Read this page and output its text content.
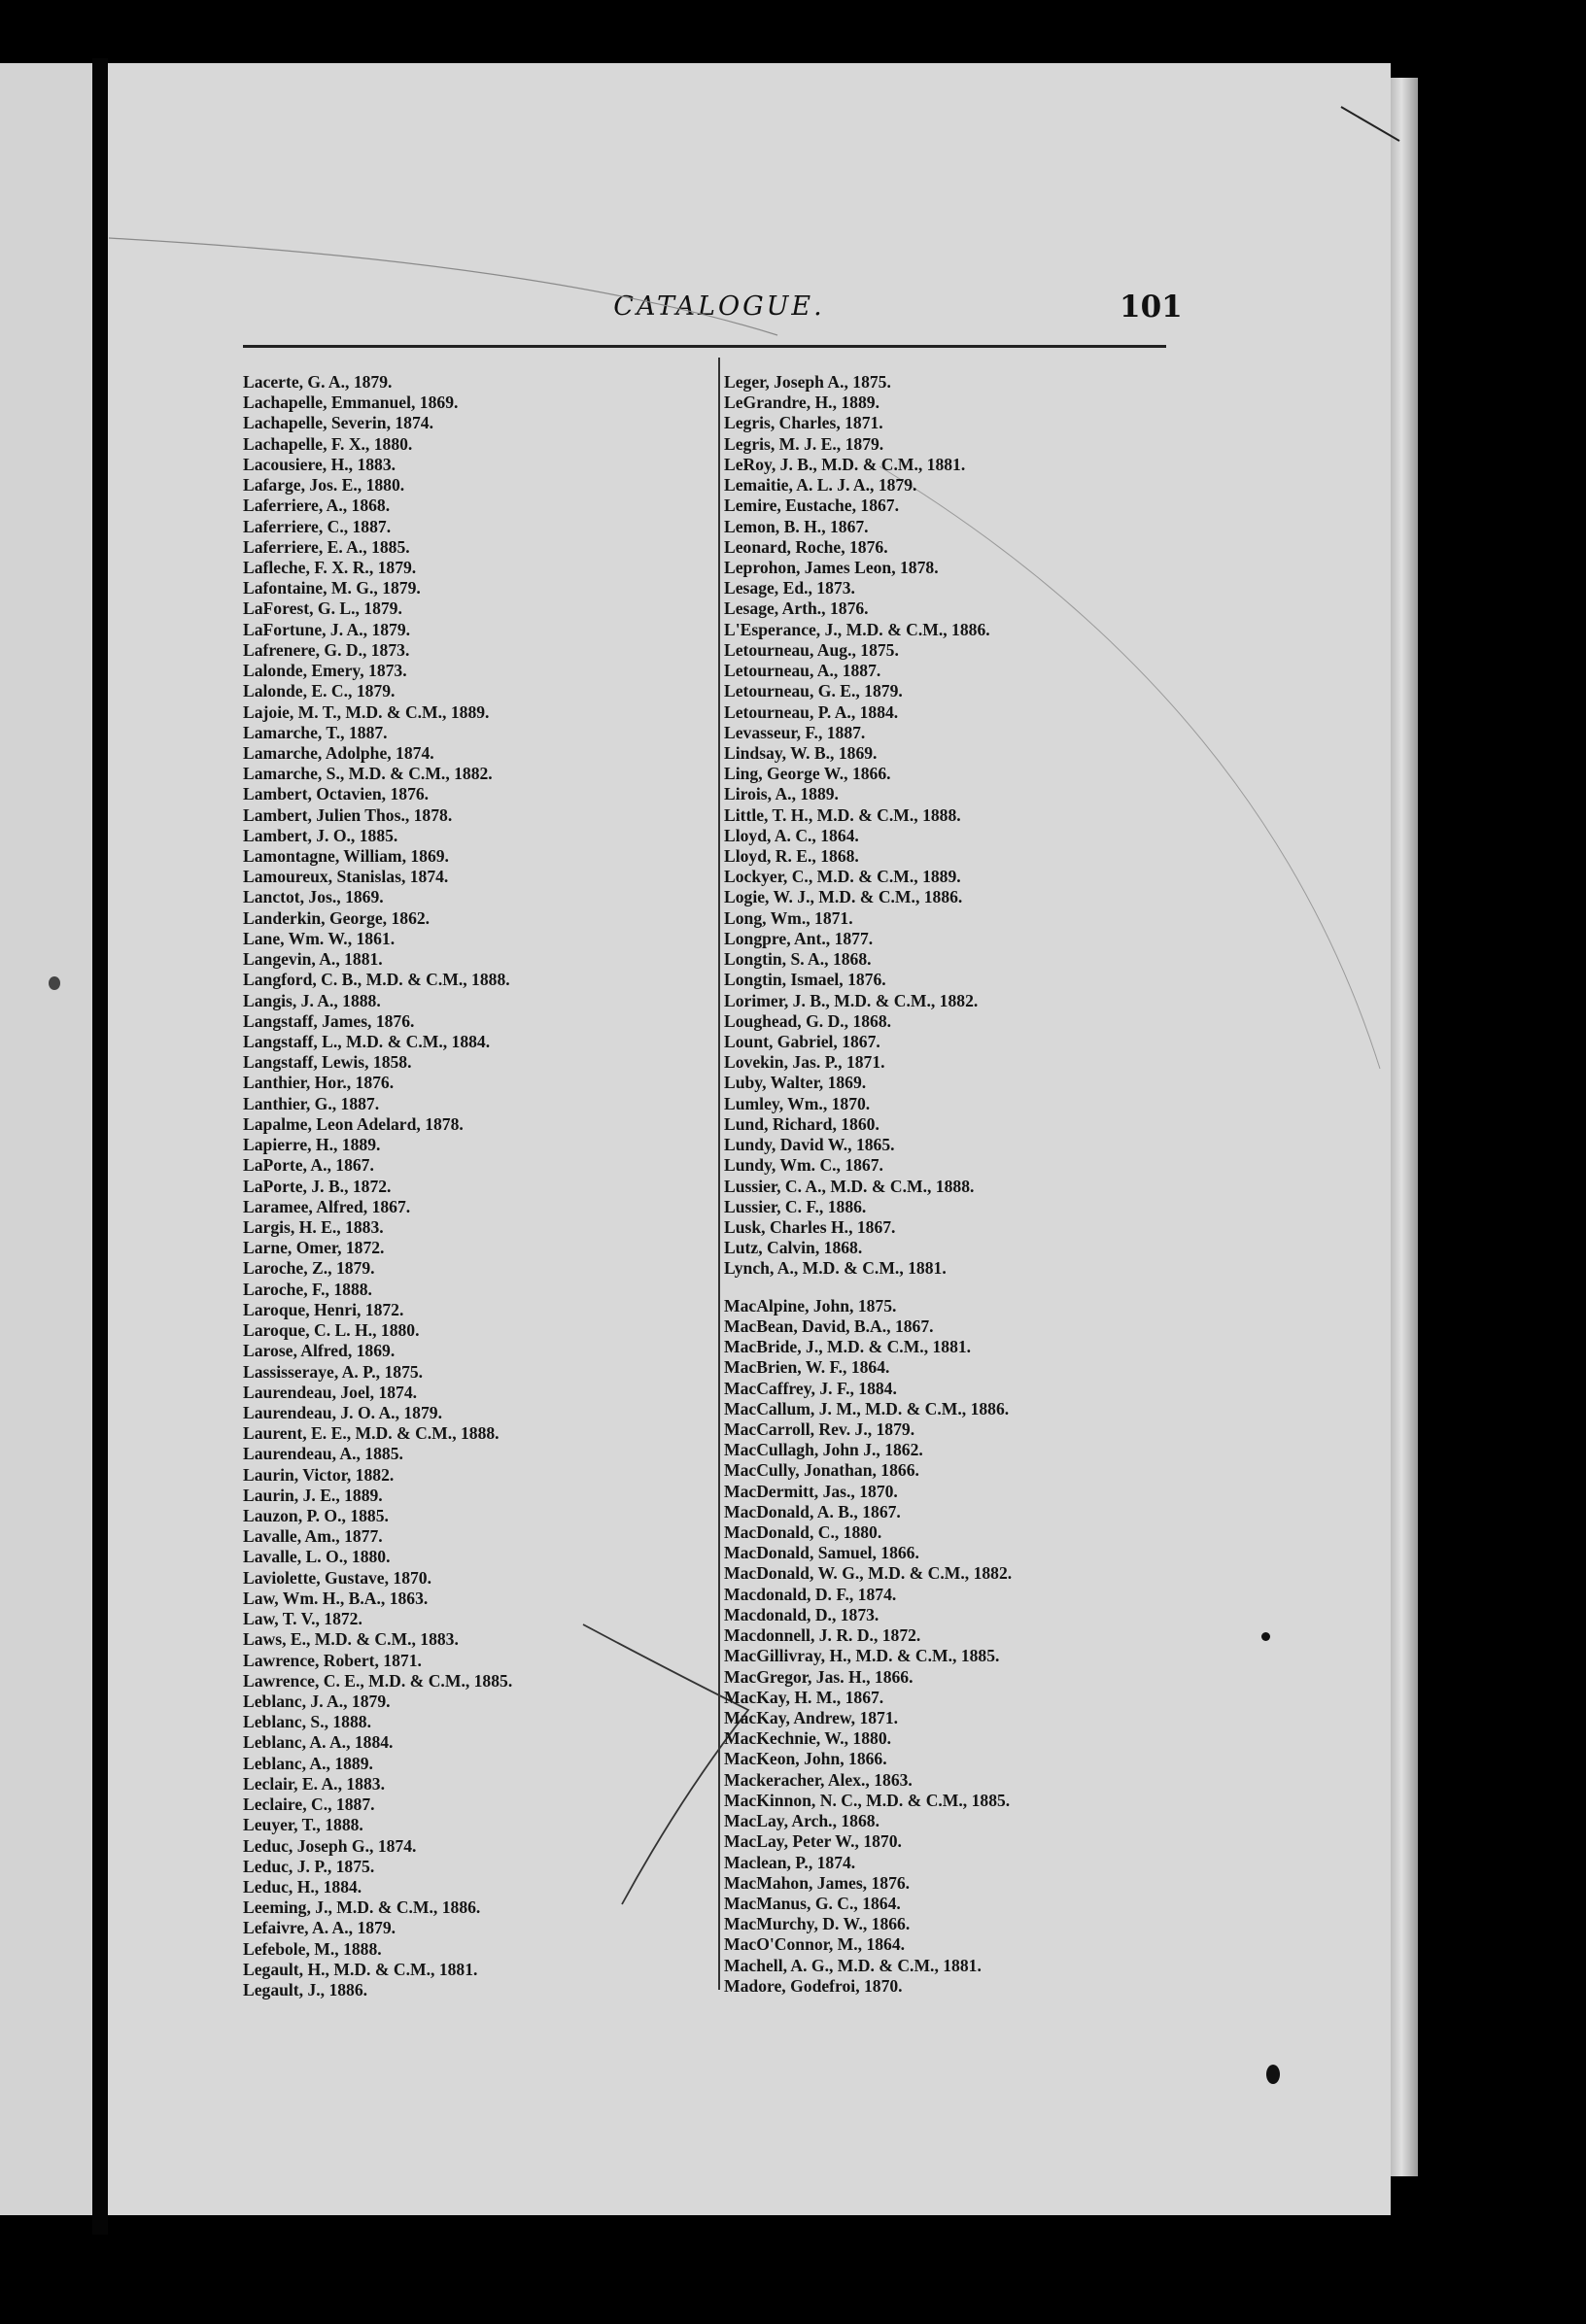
CATALOGUE.	101
Lacerte, G. A., 1879.
Lachapelle, Emmanuel, 1869.
Lachapelle, Severin, 1874.
Lachapelle, F. X., 1880.
Lacousiere, H., 1883.
Lafarge, Jos. E., 1880.
Laferriere, A., 1868.
Laferriere, C., 1887.
Laferriere, E. A., 1885.
Lafleche, F. X. R., 1879.
Lafontaine, M. G., 1879.
LaForest, G. L., 1879.
LaFortune, J. A., 1879.
Lafrenere, G. D., 1873.
Lalonde, Emery, 1873.
Lalonde, E. C., 1879.
Lajoie, M. T., M.D. & C.M., 1889.
Lamarche, T., 1887.
Lamarche, Adolphe, 1874.
Lamarche, S., M.D. & C.M., 1882.
Lambert, Octavien, 1876.
Lambert, Julien Thos., 1878.
Lambert, J. O., 1885.
Lamontagne, William, 1869.
Lamoureux, Stanislas, 1874.
Lanctot, Jos., 1869.
Landerkin, George, 1862.
Lane, Wm. W., 1861.
Langevin, A., 1881.
Langford, C. B., M.D. & C.M., 1888.
Langis, J. A., 1888.
Langstaff, James, 1876.
Langstaff, L., M.D. & C.M., 1884.
Langstaff, Lewis, 1858.
Lanthier, Hor., 1876.
Lanthier, G., 1887.
Lapalme, Leon Adelard, 1878.
Lapierre, H., 1889.
LaPorte, A., 1867.
LaPorte, J. B., 1872.
Laramee, Alfred, 1867.
Largis, H. E., 1883.
Larne, Omer, 1872.
Laroche, Z., 1879.
Laroche, F., 1888.
Laroque, Henri, 1872.
Laroque, C. L. H., 1880.
Larose, Alfred, 1869.
Lassisseraye, A. P., 1875.
Laurendeau, Joel, 1874.
Laurendeau, J. O. A., 1879.
Laurent, E. E., M.D. & C.M., 1888.
Laurendeau, A., 1885.
Laurin, Victor, 1882.
Laurin, J. E., 1889.
Lauzon, P. O., 1885.
Lavalle, Am., 1877.
Lavalle, L. O., 1880.
Laviolette, Gustave, 1870.
Law, Wm. H., B.A., 1863.
Law, T. V., 1872.
Laws, E., M.D. & C.M., 1883.
Lawrence, Robert, 1871.
Lawrence, C. E., M.D. & C.M., 1885.
Leblanc, J. A., 1879.
Leblanc, S., 1888.
Leblanc, A. A., 1884.
Leblanc, A., 1889.
Leclair, E. A., 1883.
Leclaire, C., 1887.
Leuyer, T., 1888.
Leduc, Joseph G., 1874.
Leduc, J. P., 1875.
Leduc, H., 1884.
Leeming, J., M.D. & C.M., 1886.
Lefaivre, A. A., 1879.
Lefebole, M., 1888.
Legault, H., M.D. & C.M., 1881.
Legault, J., 1886.
Leger, Joseph A., 1875.
LeGrandre, H., 1889.
Legris, Charles, 1871.
Legris, M. J. E., 1879.
LeRoy, J. B., M.D. & C.M., 1881.
Lemaitie, A. L. J. A., 1879.
Lemire, Eustache, 1867.
Lemon, B. H., 1867.
Leonard, Roche, 1876.
Leprohon, James Leon, 1878.
Lesage, Ed., 1873.
Lesage, Arth., 1876.
L'Esperance, J., M.D. & C.M., 1886.
Letourneau, Aug., 1875.
Letourneau, A., 1887.
Letourneau, G. E., 1879.
Letourneau, P. A., 1884.
Levasseur, F., 1887.
Lindsay, W. B., 1869.
Ling, George W., 1866.
Lirois, A., 1889.
Little, T. H., M.D. & C.M., 1888.
Lloyd, A. C., 1864.
Lloyd, R. E., 1868.
Lockyer, C., M.D. & C.M., 1889.
Logie, W. J., M.D. & C.M., 1886.
Long, Wm., 1871.
Longpre, Ant., 1877.
Longtin, S. A., 1868.
Longtin, Ismael, 1876.
Lorimer, J. B., M.D. & C.M., 1882.
Loughead, G. D., 1868.
Lount, Gabriel, 1867.
Lovekin, Jas. P., 1871.
Luby, Walter, 1869.
Lumley, Wm., 1870.
Lund, Richard, 1860.
Lundy, David W., 1865.
Lundy, Wm. C., 1867.
Lussier, C. A., M.D. & C.M., 1888.
Lussier, C. F., 1886.
Lusk, Charles H., 1867.
Lutz, Calvin, 1868.
Lynch, A., M.D. & C.M., 1881.
MacAlpine, John, 1875.
MacBean, David, B.A., 1867.
MacBride, J., M.D. & C.M., 1881.
MacBrien, W. F., 1864.
MacCaffrey, J. F., 1884.
MacCallum, J. M., M.D. & C.M., 1886.
MacCarroll, Rev. J., 1879.
MacCullagh, John J., 1862.
MacCully, Jonathan, 1866.
MacDermitt, Jas., 1870.
MacDonald, A. B., 1867.
MacDonald, C., 1880.
MacDonald, Samuel, 1866.
MacDonald, W. G., M.D. & C.M., 1882.
Macdonald, D. F., 1874.
Macdonald, D., 1873.
Macdonnell, J. R. D., 1872.
MacGillivray, H., M.D. & C.M., 1885.
MacGregor, Jas. H., 1866.
MacKay, H. M., 1867.
MacKay, Andrew, 1871.
MacKechnie, W., 1880.
MacKeon, John, 1866.
Mackeracher, Alex., 1863.
MacKinnon, N. C., M.D. & C.M., 1885.
MacLay, Arch., 1868.
MacLay, Peter W., 1870.
Maclean, P., 1874.
MacMahon, James, 1876.
MacManus, G. C., 1864.
MacMurchy, D. W., 1866.
MacO'Connor, M., 1864.
Machell, A. G., M.D. & C.M., 1881.
Madore, Godefroi, 1870.
